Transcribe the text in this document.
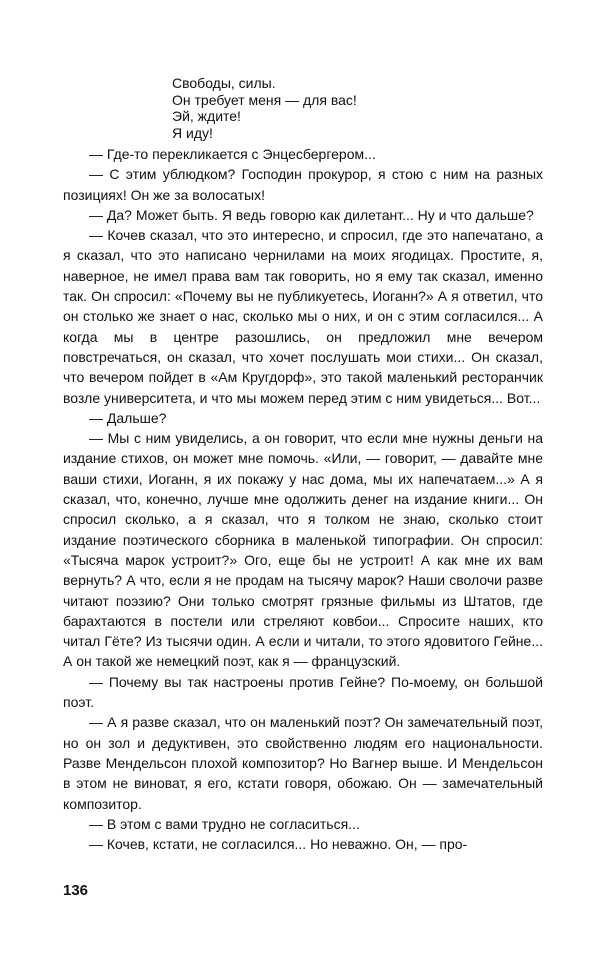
Свободы, силы.
Он требует меня — для вас!
Эй, ждите!
Я иду!

— Где-то перекликается с Энцесбергером...

— С этим ублюдком? Господин прокурор, я стою с ним на разных позициях! Он же за волосатых!

— Да? Может быть. Я ведь говорю как дилетант... Ну и что дальше?

— Кочев сказал, что это интересно, и спросил, где это напечатано, а я сказал, что это написано чернилами на моих ягодицах. Простите, я, наверное, не имел права вам так говорить, но я ему так сказал, именно так. Он спросил: «Почему вы не публикуетесь, Иоганн?» А я ответил, что он столько же знает о нас, сколько мы о них, и он с этим согласился... А когда мы в центре разошлись, он предложил мне вечером повстречаться, он сказал, что хочет послушать мои стихи... Он сказал, что вечером пойдет в «Ам Кругдорф», это такой маленький ресторанчик возле университета, и что мы можем перед этим с ним увидеться... Вот...

— Дальше?

— Мы с ним увиделись, а он говорит, что если мне нужны деньги на издание стихов, он может мне помочь. «Или, — говорит, — давайте мне ваши стихи, Иоганн, я их покажу у нас дома, мы их напечатаем...» А я сказал, что, конечно, лучше мне одолжить денег на издание книги... Он спросил сколько, а я сказал, что я толком не знаю, сколько стоит издание поэтического сборника в маленькой типографии. Он спросил: «Тысяча марок устроит?» Ого, еще бы не устроит! А как мне их вам вернуть? А что, если я не продам на тысячу марок? Наши сволочи разве читают поэзию? Они только смотрят грязные фильмы из Штатов, где барахтаются в постели или стреляют ковбои... Спросите наших, кто читал Гёте? Из тысячи один. А если и читали, то этого ядовитого Гейне... А он такой же немецкий поэт, как я — французский.

— Почему вы так настроены против Гейне? По-моему, он большой поэт.

— А я разве сказал, что он маленький поэт? Он замечательный поэт, но он зол и дедуктивен, это свойственно людям его национальности. Разве Мендельсон плохой композитор? Но Вагнер выше. И Мендельсон в этом не виноват, я его, кстати говоря, обожаю. Он — замечательный композитор.

— В этом с вами трудно не согласиться...

— Кочев, кстати, не согласился... Но неважно. Он, — про-

136
